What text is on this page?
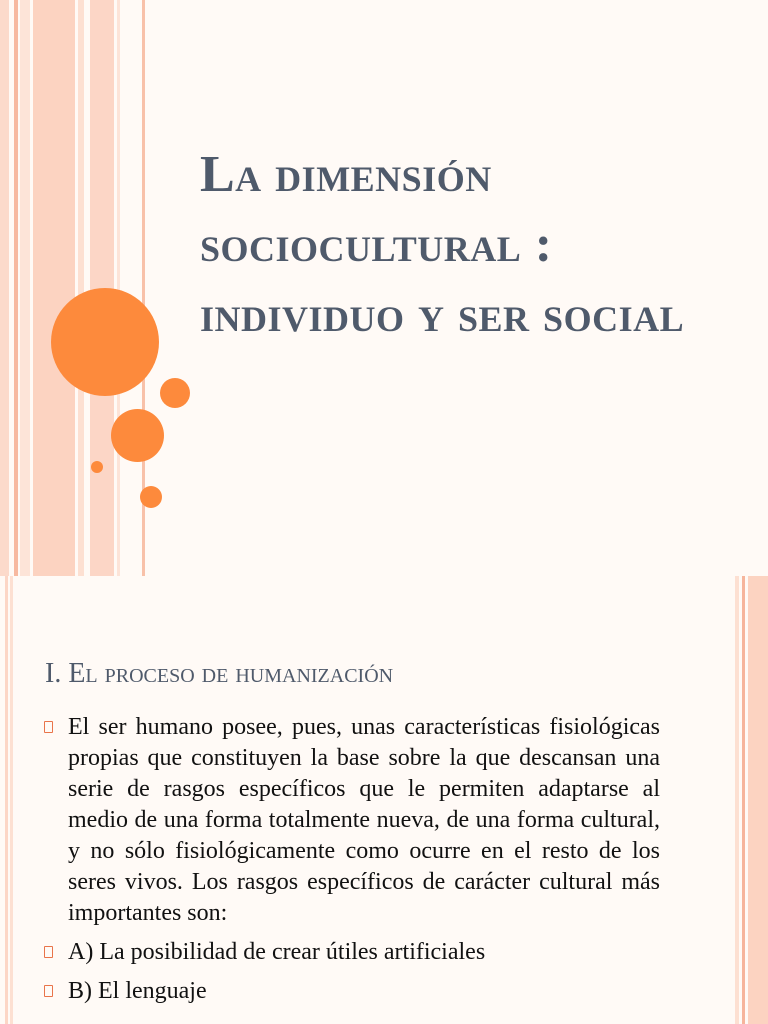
La dimensión sociocultural : individuo y ser social
I. El proceso de humanización
El ser humano posee, pues, unas características fisiológicas propias que constituyen la base sobre la que descansan una serie de rasgos específicos que le permiten adaptarse al medio de una forma totalmente nueva, de una forma cultural, y no sólo fisiológicamente como ocurre en el resto de los seres vivos. Los rasgos específicos de carácter cultural más importantes son:
A) La posibilidad de crear útiles artificiales
B) El lenguaje
